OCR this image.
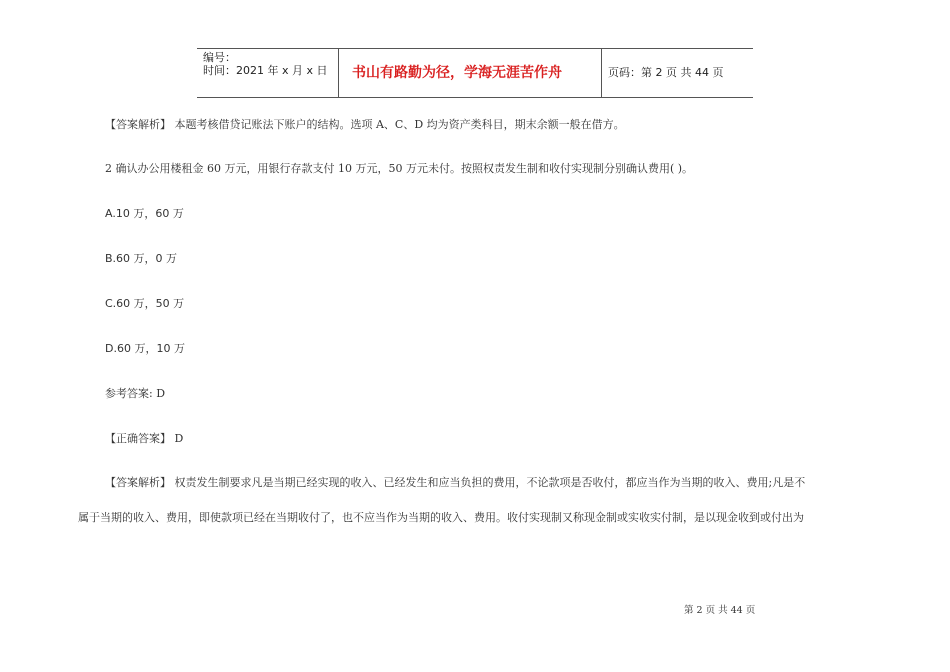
编号：
时间：2021 年 x 月 x 日	书山有路勤为径，学海无涯苦作舟	页码：第 2 页 共 44 页
【答案解析】 本题考核借贷记账法下账户的结构。选项 A、C、D 均为资产类科目，期末余额一般在借方。
2 确认办公用楼租金 60 万元，用银行存款支付 10 万元，50 万元未付。按照权责发生制和收付实现制分别确认费用( )。
A.10 万，60 万
B.60 万，0 万
C.60 万，50 万
D.60 万，10 万
参考答案: D
【正确答案】 D
【答案解析】 权责发生制要求凡是当期已经实现的收入、已经发生和应当负担的费用，不论款项是否收付，都应当作为当期的收入、费用;凡是不
属于当期的收入、费用，即使款项已经在当期收付了，也不应当作为当期的收入、费用。收付实现制又称现金制或实收实付制，是以现金收到或付出为
第 2 页 共 44 页
